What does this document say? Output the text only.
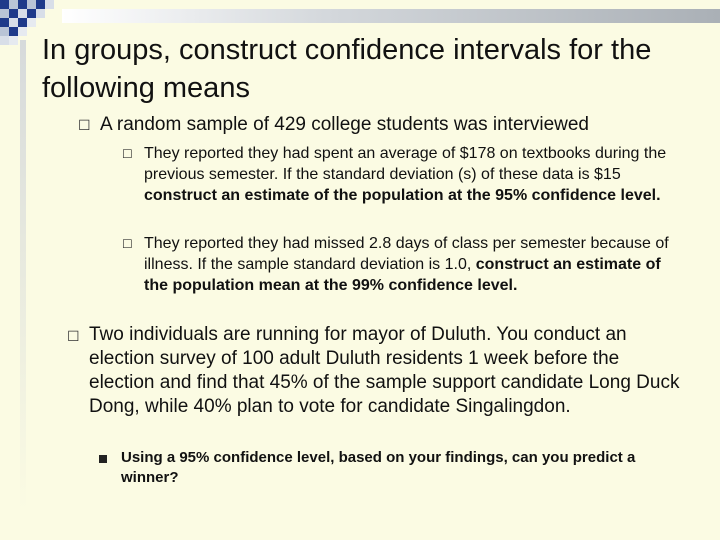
In groups, construct confidence intervals for the following means
☐ A random sample of 429 college students was interviewed
☐ They reported they had spent an average of $178 on textbooks during the previous semester. If the standard deviation (s) of these data is $15 construct an estimate of the population at the 95% confidence level.
☐ They reported they had missed 2.8 days of class per semester because of illness. If the sample standard deviation is 1.0, construct an estimate of the population mean at the 99% confidence level.
☐ Two individuals are running for mayor of Duluth. You conduct an election survey of 100 adult Duluth residents 1 week before the election and find that 45% of the sample support candidate Long Duck Dong, while 40% plan to vote for candidate Singalingdon.
Using a 95% confidence level, based on your findings, can you predict a winner?
